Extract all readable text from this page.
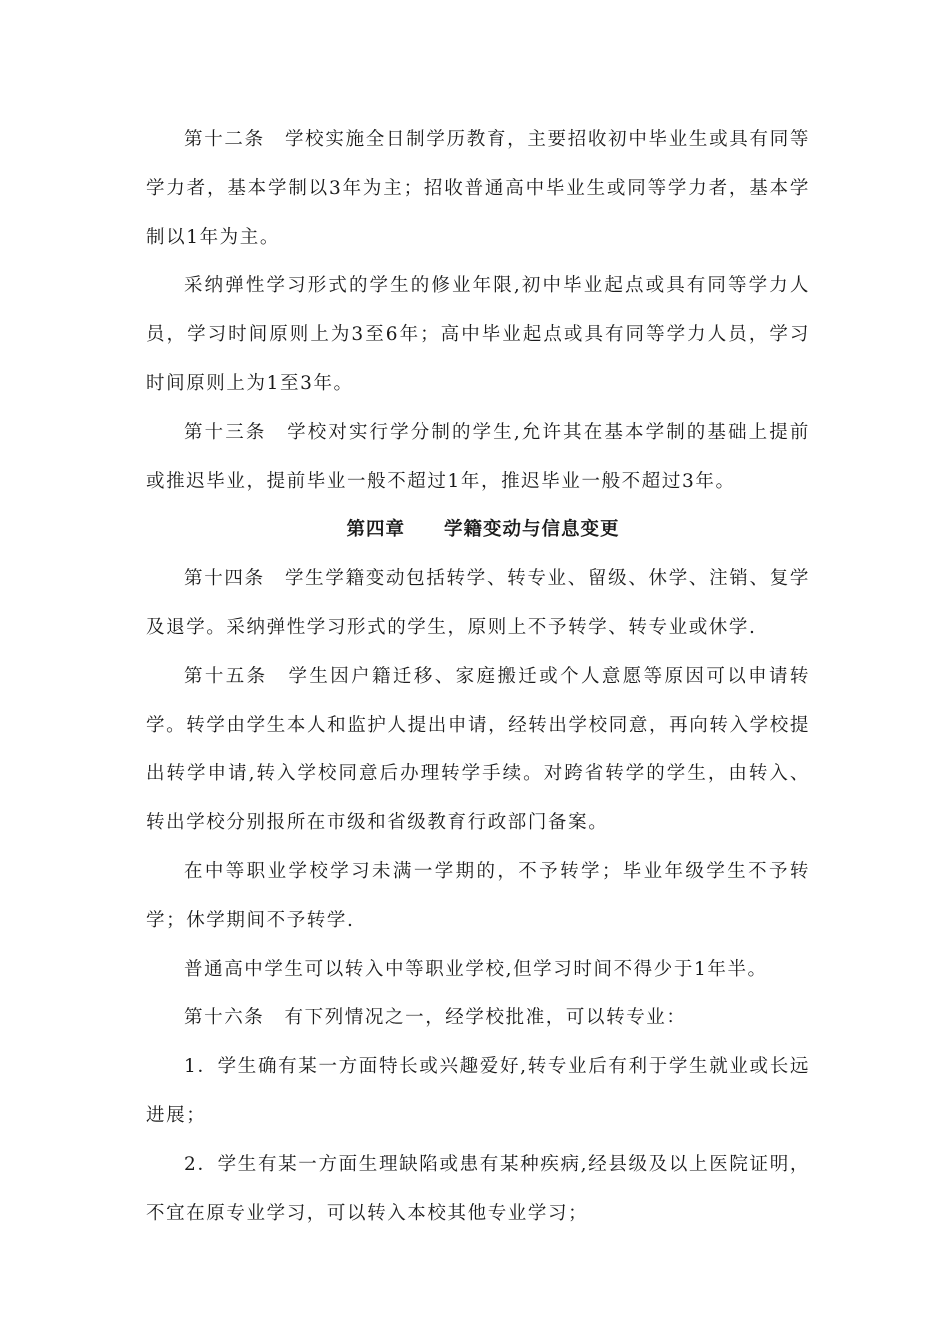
第十二条　学校实施全日制学历教育，主要招收初中毕业生或具有同等学力者，基本学制以3年为主；招收普通高中毕业生或同等学力者，基本学制以1年为主。

采纳弹性学习形式的学生的修业年限,初中毕业起点或具有同等学力人员，学习时间原则上为3至6年；高中毕业起点或具有同等学力人员，学习时间原则上为1至3年。

第十三条　学校对实行学分制的学生,允许其在基本学制的基础上提前或推迟毕业，提前毕业一般不超过1年，推迟毕业一般不超过3年。

第四章　　学籍变动与信息变更

第十四条　学生学籍变动包括转学、转专业、留级、休学、注销、复学及退学。采纳弹性学习形式的学生，原则上不予转学、转专业或休学.

第十五条　学生因户籍迁移、家庭搬迁或个人意愿等原因可以申请转学。转学由学生本人和监护人提出申请，经转出学校同意，再向转入学校提出转学申请,转入学校同意后办理转学手续。对跨省转学的学生，由转入、转出学校分别报所在市级和省级教育行政部门备案。

在中等职业学校学习未满一学期的，不予转学；毕业年级学生不予转学；休学期间不予转学.

普通高中学生可以转入中等职业学校,但学习时间不得少于1年半。

第十六条　有下列情况之一，经学校批准，可以转专业：

1．学生确有某一方面特长或兴趣爱好,转专业后有利于学生就业或长远进展；

2．学生有某一方面生理缺陷或患有某种疾病,经县级及以上医院证明，不宜在原专业学习，可以转入本校其他专业学习；
